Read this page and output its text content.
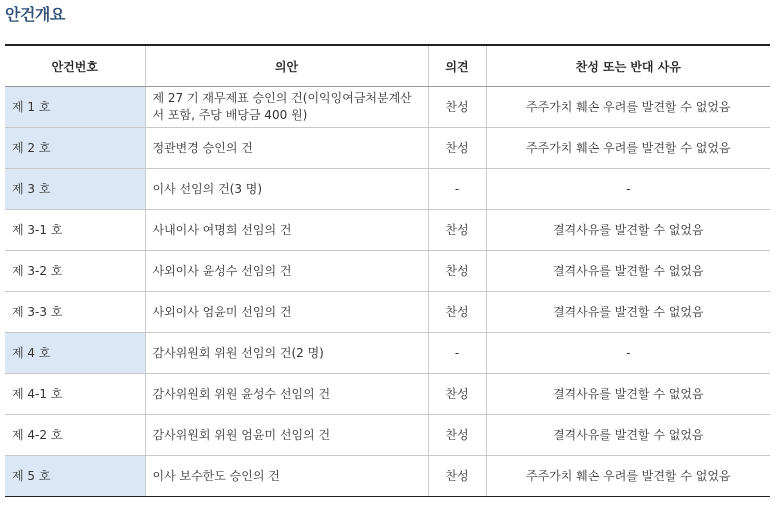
안건개요
안건번호	의안	의견	찬성 또는 반대 사유
제 1 호	제 27 기 재무제표 승인의 건(이익잉여금처분계산서 포함, 주당 배당금 400 원)	찬성	주주가치 훼손 우려를 발견할 수 없었음
제 2 호	정관변경 승인의 건	찬성	주주가치 훼손 우려를 발견할 수 없었음
제 3 호	이사 선임의 건(3 명)	-	-
제 3-1 호	사내이사 여명희 선임의 건	찬성	결격사유를 발견할 수 없었음
제 3-2 호	사외이사 윤성수 선임의 건	찬성	결격사유를 발견할 수 없었음
제 3-3 호	사외이사 엄윤미 선임의 건	찬성	결격사유를 발견할 수 없었음
제 4 호	감사위원회 위원 선임의 건(2 명)	-	-
제 4-1 호	감사위원회 위원 윤성수 선임의 건	찬성	결격사유를 발견할 수 없었음
제 4-2 호	감사위원회 위원 엄윤미 선임의 건	찬성	결격사유를 발견할 수 없었음
제 5 호	이사 보수한도 승인의 건	찬성	주주가치 훼손 우려를 발견할 수 없었음
